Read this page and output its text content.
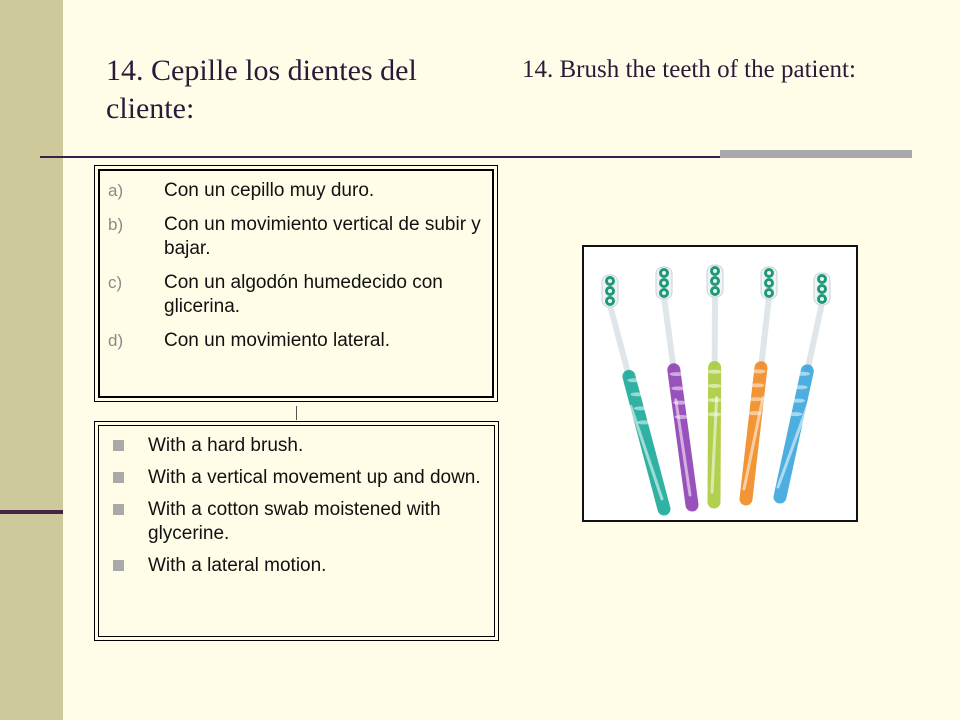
14. Cepille los dientes del cliente:
14. Brush the teeth of the patient:
a)	Con un cepillo muy duro.
b)	Con un movimiento vertical de subir y bajar.
c)	Con un algodón humedecido con glicerina.
d)	Con un movimiento lateral.
With a hard brush.
With a vertical movement up and down.
With a cotton swab moistened with glycerine.
With a lateral motion.
